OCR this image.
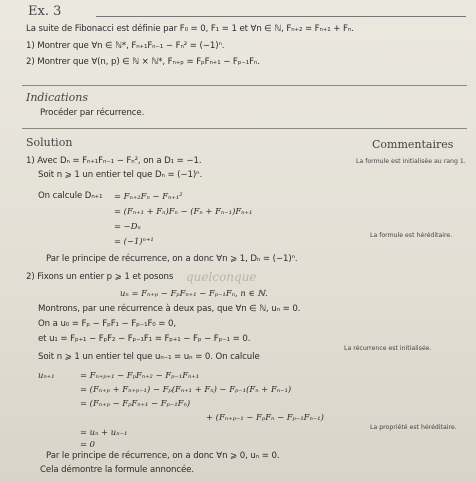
Ex. 3
La suite de Fibonacci est définie par F₀ = 0, F₁ = 1 et ∀n ∈ ℕ, Fₙ₊₂ = Fₙ₊₁ + Fₙ.
1) Montrer que ∀n ∈ ℕ*, Fₙ₊₁Fₙ₋₁ − Fₙ² = (−1)ⁿ.
2) Montrer que ∀(n, p) ∈ ℕ × ℕ*, Fₙ₊ₚ = FₚFₙ₊₁ − Fₚ₋₁Fₙ.
Indications
Procéder par récurrence.
Solution	Commentaires
1) Avec Dₙ = Fₙ₊₁Fₙ₋₁ − Fₙ², on a D₁ = −1.	La formule est initialisée au rang 1.
Soit n ⩾ 1 un entier tel que Dₙ = (−1)ⁿ.
On calcule Dₙ₊₁ = Fₙ₊₂Fₙ − Fₙ₊₁²
= (Fₙ₊₁ + Fₙ)Fₙ − (Fₙ + Fₙ₋₁)Fₙ₊₁
= −Dₙ
= (−1)ⁿ⁺¹
La formule est héréditaire.
Par le principe de récurrence, on a donc ∀n ⩾ 1, Dₙ = (−1)ⁿ.
2) Fixons un entier p ⩾ 1 et posons quelconque
uₙ = Fₙ₊ₚ − FₚFₙ₊₁ − Fₚ₋₁Fₙ, n ∈ ℕ.
Montrons, par une récurrence à deux pas, que ∀n ∈ ℕ, uₙ = 0.
On a u₀ = Fₚ − FₚF₁ − Fₚ₋₁F₀ = 0,
et u₁ = Fₚ₊₁ − FₚF₂ − Fₚ₋₁F₁ = Fₚ₊₁ − Fₚ − Fₚ₋₁ = 0.
La récurrence est initialisée.
Soit n ⩾ 1 un entier tel que uₙ₋₁ = uₙ = 0. On calcule
uₙ₊₁	= Fₙ₊ₚ₊₁ − FₚFₙ₊₂ − Fₚ₋₁Fₙ₊₁
= (Fₙ₊ₚ + Fₙ₊ₚ₋₁) − Fₚ(Fₙ₊₁ + Fₙ) − Fₚ₋₁(Fₙ + Fₙ₋₁)
= (Fₙ₊ₚ − FₚFₙ₊₁ − Fₚ₋₁Fₙ)
+ (Fₙ₊ₚ₋₁ − FₚFₙ − Fₚ₋₁Fₙ₋₁)
= uₙ + uₙ₋₁
= 0
La propriété est héréditaire.
Par le principe de récurrence, on a donc ∀n ⩾ 0, uₙ = 0.
Cela démontre la formule annoncée.
